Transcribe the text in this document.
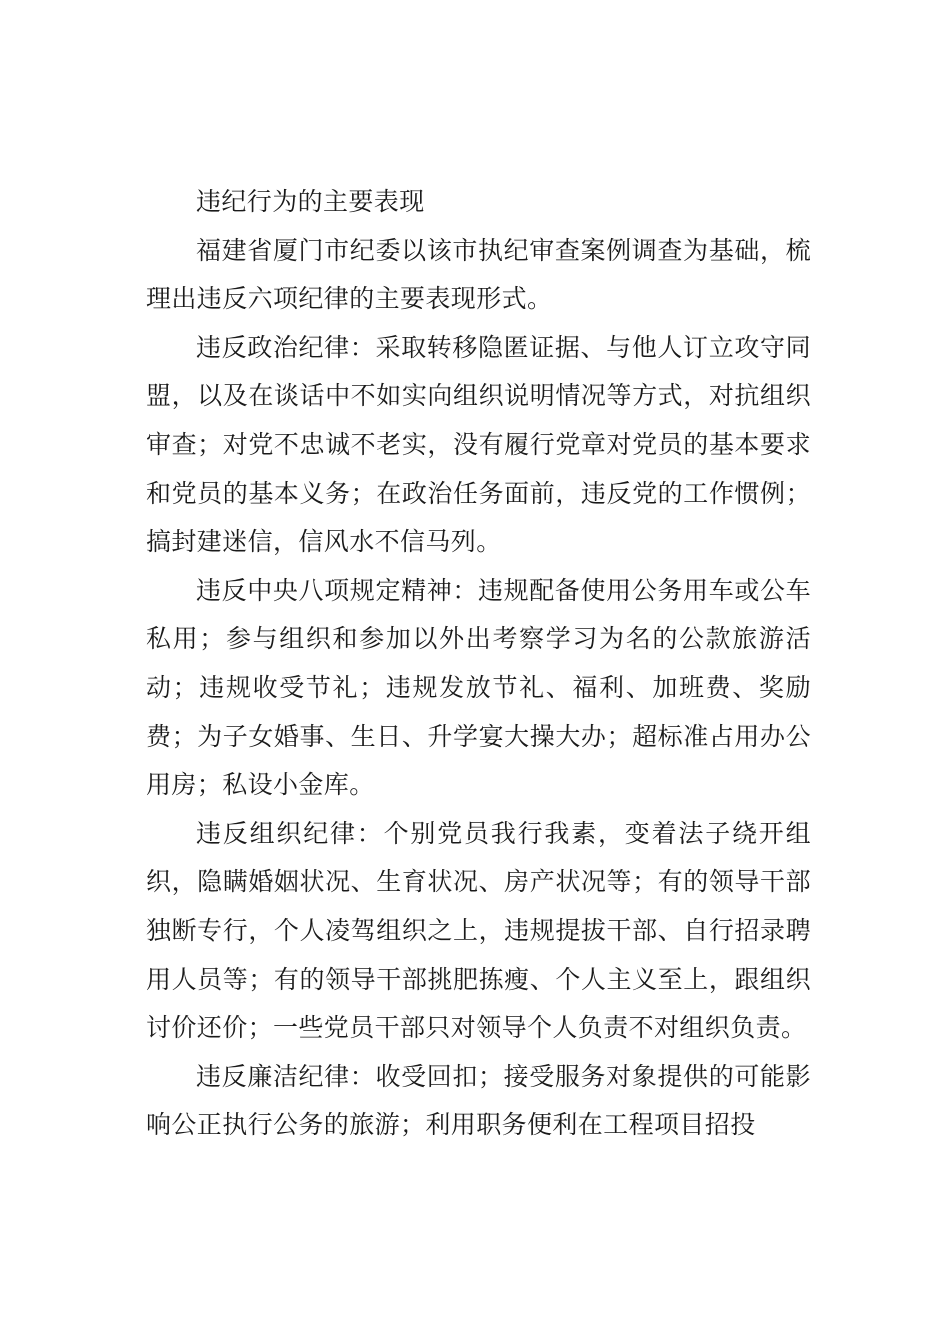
违纪行为的主要表现

福建省厦门市纪委以该市执纪审查案例调查为基础，梳理出违反六项纪律的主要表现形式。

违反政治纪律：采取转移隐匿证据、与他人订立攻守同盟，以及在谈话中不如实向组织说明情况等方式，对抗组织审查；对党不忠诚不老实，没有履行党章对党员的基本要求和党员的基本义务；在政治任务面前，违反党的工作惯例；搞封建迷信，信风水不信马列。

违反中央八项规定精神：违规配备使用公务用车或公车私用；参与组织和参加以外出考察学习为名的公款旅游活动；违规收受节礼；违规发放节礼、福利、加班费、奖励费；为子女婚事、生日、升学宴大操大办；超标准占用办公用房；私设小金库。

违反组织纪律：个别党员我行我素，变着法子绕开组织，隐瞒婚姻状况、生育状况、房产状况等；有的领导干部独断专行，个人凌驾组织之上，违规提拔干部、自行招录聘用人员等；有的领导干部挑肥拣瘦、个人主义至上，跟组织讨价还价；一些党员干部只对领导个人负责不对组织负责。

违反廉洁纪律：收受回扣；接受服务对象提供的可能影响公正执行公务的旅游；利用职务便利在工程项目招投
